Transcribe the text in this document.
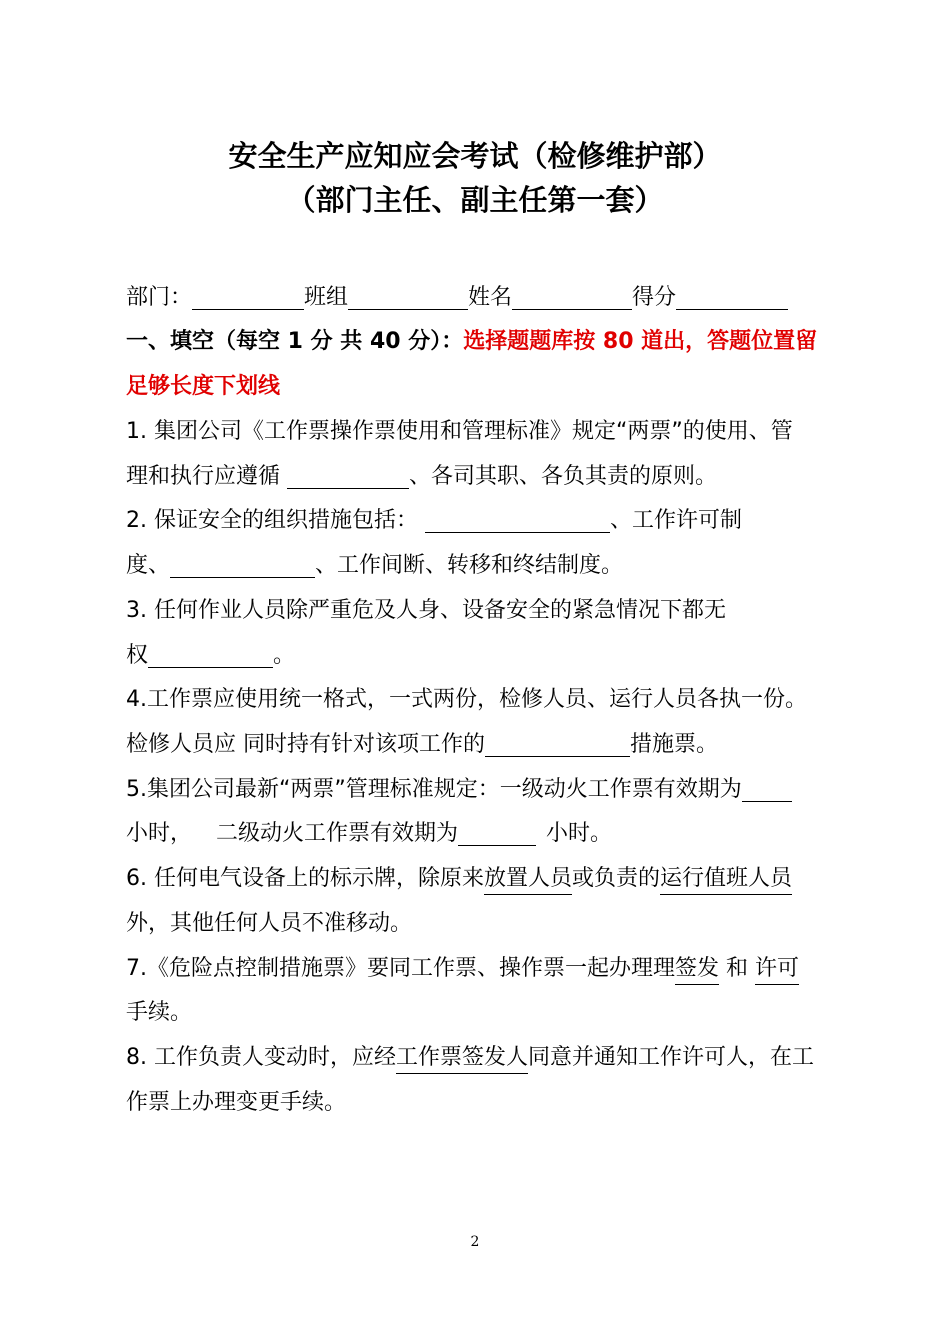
安全生产应知应会考试（检修维护部）
（部门主任、副主任第一套）
部门：	班组	姓名	得分
一、填空（每空 1 分 共 40 分）：选择题题库按 80 道出，答题位置留
足够长度下划线
1. 集团公司《工作票操作票使用和管理标准》规定“两票”的使用、管
理和执行应遵循	、各司其职、各负其责的原则。
2. 保证安全的组织措施包括：	、工作许可制
度、	、工作间断、转移和终结制度。
3. 任何作业人员除严重危及人身、设备安全的紧急情况下都无
权	。
4.工作票应使用统一格式，一式两份，检修人员、运行人员各执一份。
检修人员应 同时持有针对该项工作的	措施票。
5.集团公司最新“两票”管理标准规定：一级动火工作票有效期为
小时， 二级动火工作票有效期为	小时。
6. 任何电气设备上的标示牌，除原来放置人员或负责的运行值班人员
外，其他任何人员不准移动。
7.《危险点控制措施票》要同工作票、操作票一起办理理签发 和 许可
手续。
8. 工作负责人变动时，应经工作票签发人同意并通知工作许可人，在工
作票上办理变更手续。
2
